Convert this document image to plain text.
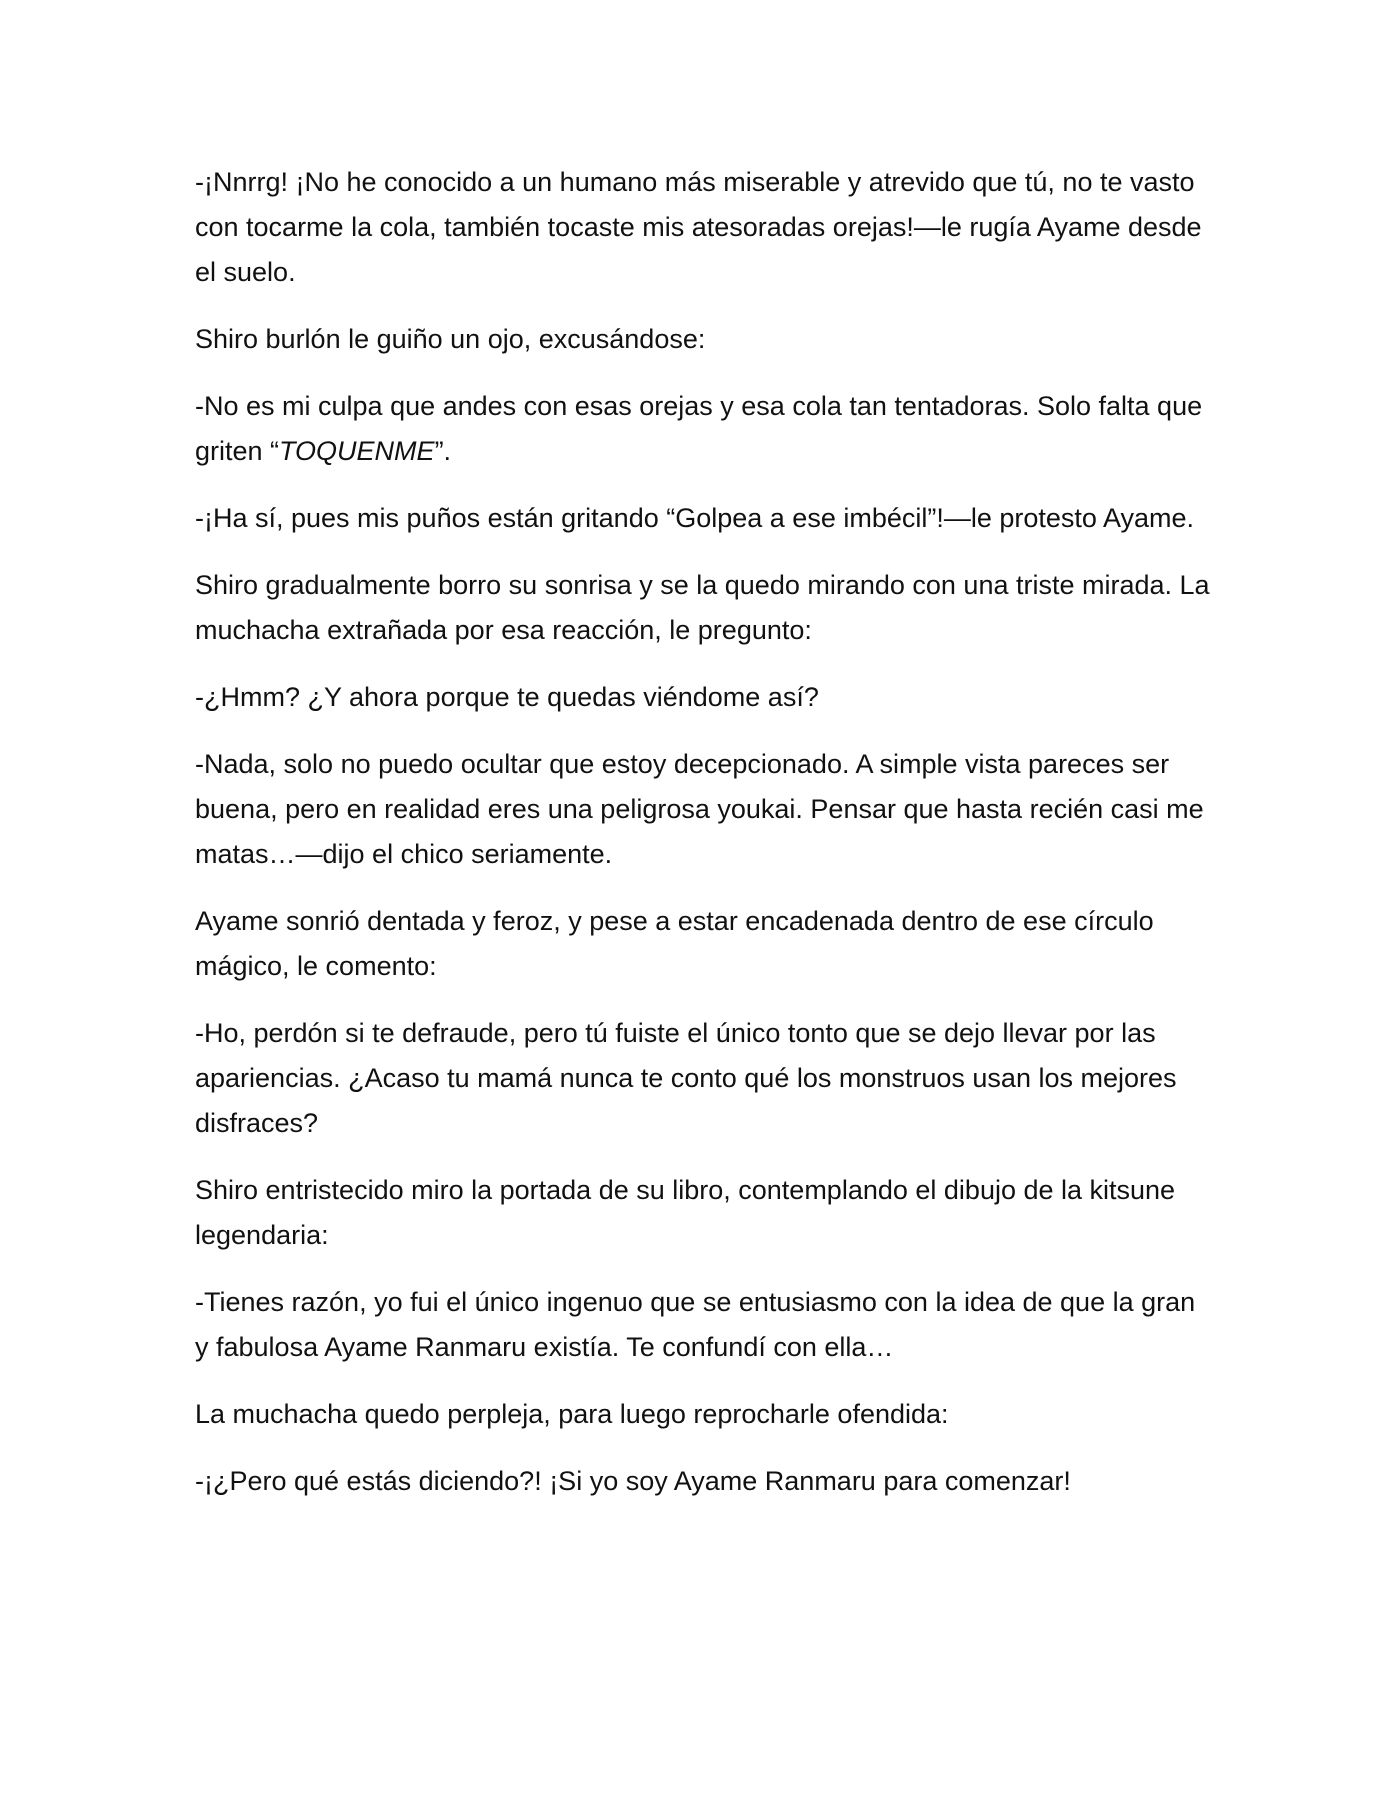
-¡Nnrrg! ¡No he conocido a un humano más miserable y atrevido que tú, no te vasto con tocarme la cola, también tocaste mis atesoradas orejas!—le rugía Ayame desde el suelo.

Shiro burlón le guiño un ojo, excusándose:

-No es mi culpa que andes con esas orejas y esa cola tan tentadoras. Solo falta que griten “TOQUENME”.

-¡Ha sí, pues mis puños están gritando “Golpea a ese imbécil”!—le protesto Ayame.

Shiro gradualmente borro su sonrisa y se la quedo mirando con una triste mirada. La muchacha extrañada por esa reacción, le pregunto:

-¿Hmm? ¿Y ahora porque te quedas viéndome así?

-Nada, solo no puedo ocultar que estoy decepcionado. A simple vista pareces ser buena, pero en realidad eres una peligrosa youkai. Pensar que hasta recién casi me matas…—dijo el chico seriamente.

Ayame sonrió dentada y feroz, y pese a estar encadenada dentro de ese círculo mágico, le comento:

-Ho, perdón si te defraude, pero tú fuiste el único tonto que se dejo llevar por las apariencias. ¿Acaso tu mamá nunca te conto qué los monstruos usan los mejores disfraces?

Shiro entristecido miro la portada de su libro, contemplando el dibujo de la kitsune legendaria:

-Tienes razón, yo fui el único ingenuo que se entusiasmo con la idea de que la gran y fabulosa Ayame Ranmaru existía. Te confundí con ella…

La muchacha quedo perpleja, para luego reprocharle ofendida:

-¡¿Pero qué estás diciendo?! ¡Si yo soy Ayame Ranmaru para comenzar!
